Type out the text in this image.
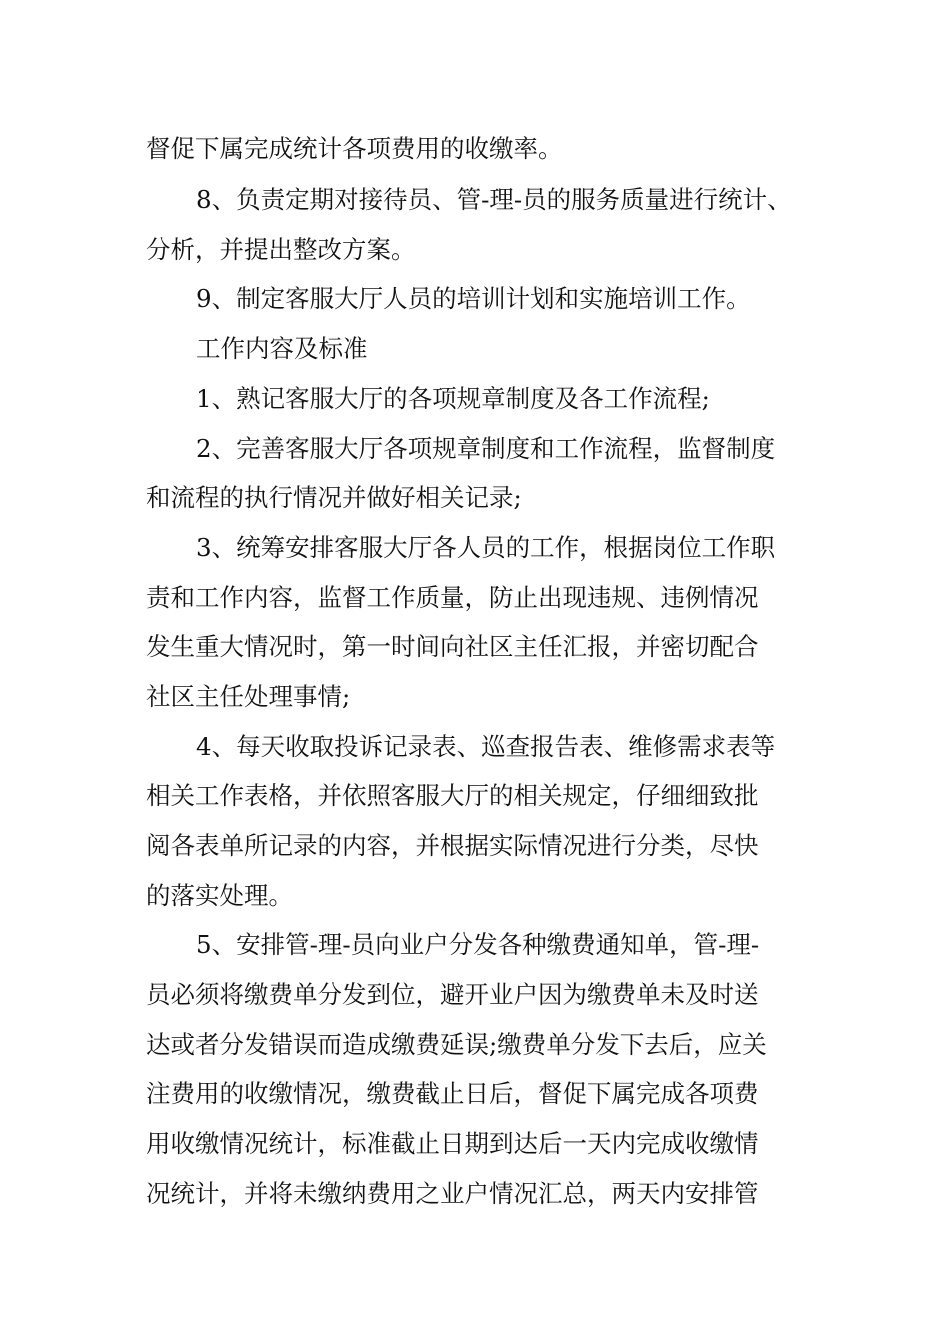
督促下属完成统计各项费用的收缴率。
8、负责定期对接待员、管-理-员的服务质量进行统计、
分析，并提出整改方案。
9、制定客服大厅人员的培训计划和实施培训工作。
工作内容及标准
1、熟记客服大厅的各项规章制度及各工作流程;
2、完善客服大厅各项规章制度和工作流程，监督制度
和流程的执行情况并做好相关记录;
3、统筹安排客服大厅各人员的工作，根据岗位工作职
责和工作内容，监督工作质量，防止出现违规、违例情况
发生重大情况时，第一时间向社区主任汇报，并密切配合
社区主任处理事情;
4、每天收取投诉记录表、巡查报告表、维修需求表等
相关工作表格，并依照客服大厅的相关规定，仔细细致批
阅各表单所记录的内容，并根据实际情况进行分类，尽快
的落实处理。
5、安排管-理-员向业户分发各种缴费通知单，管-理-
员必须将缴费单分发到位，避开业户因为缴费单未及时送
达或者分发错误而造成缴费延误;缴费单分发下去后，应关
注费用的收缴情况，缴费截止日后，督促下属完成各项费
用收缴情况统计，标准截止日期到达后一天内完成收缴情
况统计，并将未缴纳费用之业户情况汇总，两天内安排管
